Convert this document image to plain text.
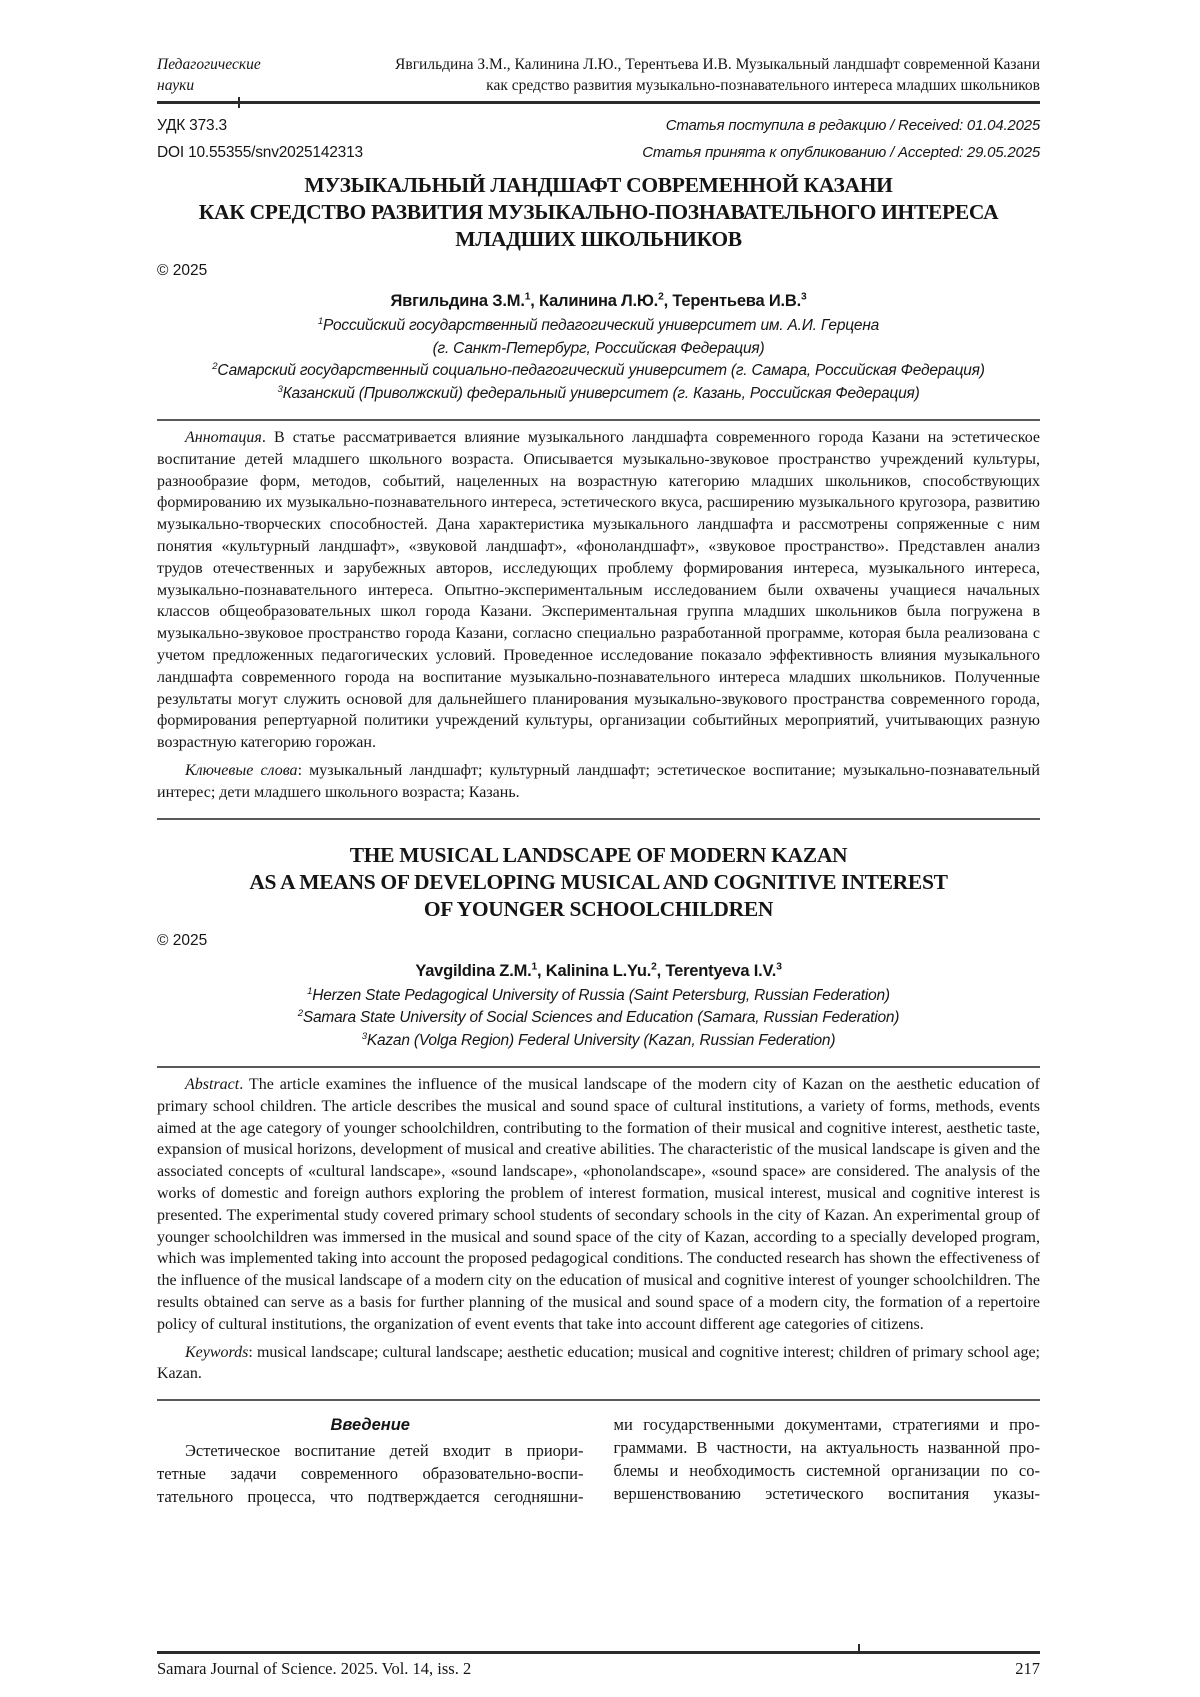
Педагогические
науки
Явгильдина З.М., Калинина Л.Ю., Терентьева И.В. Музыкальный ландшафт современной Казани
как средство развития музыкально-познавательного интереса младших школьников
УДК 373.3	Статья поступила в редакцию / Received: 01.04.2025
DOI 10.55355/snv2025142313	Статья принята к опубликованию / Accepted: 29.05.2025
МУЗЫКАЛЬНЫЙ ЛАНДШАФТ СОВРЕМЕННОЙ КАЗАНИ
КАК СРЕДСТВО РАЗВИТИЯ МУЗЫКАЛЬНО-ПОЗНАВАТЕЛЬНОГО ИНТЕРЕСА
МЛАДШИХ ШКОЛЬНИКОВ
© 2025
Явгильдина З.М.$^1$, Калинина Л.Ю.$^2$, Терентьева И.В.$^3$
$^1$Российский государственный педагогический университет им. А.И. Герцена
(г. Санкт-Петербург, Российская Федерация)
$^2$Самарский государственный социально-педагогический университет (г. Самара, Российская Федерация)
$^3$Казанский (Приволжский) федеральный университет (г. Казань, Российская Федерация)

Аннотация. В статье рассматривается влияние музыкального ландшафта современного города Казани на эстетическое воспитание детей младшего школьного возраста. Описывается музыкально-звуковое пространство учреждений культуры, разнообразие форм, методов, событий, нацеленных на возрастную категорию младших школьников, способствующих формированию их музыкально-познавательного интереса, эстетического вкуса, расширению музыкального кругозора, развитию музыкально-творческих способностей. Дана характеристика музыкального ландшафта и рассмотрены сопряженные с ним понятия «культурный ландшафт», «звуковой ландшафт», «фоноландшафт», «звуковое пространство». Представлен анализ трудов отечественных и зарубежных авторов, исследующих проблему формирования интереса, музыкального интереса, музыкально-познавательного интереса. Опытно-экспериментальным исследованием были охвачены учащиеся начальных классов общеобразовательных школ города Казани. Экспериментальная группа младших школьников была погружена в музыкально-звуковое пространство города Казани, согласно специально разработанной программе, которая была реализована с учетом предложенных педагогических условий. Проведенное исследование показало эффективность влияния музыкального ландшафта современного города на воспитание музыкально-познавательного интереса младших школьников. Полученные результаты могут служить основой для дальнейшего планирования музыкально-звукового пространства современного города, формирования репертуарной политики учреждений культуры, организации событийных мероприятий, учитывающих разную возрастную категорию горожан.

Ключевые слова: музыкальный ландшафт; культурный ландшафт; эстетическое воспитание; музыкально-познавательный интерес; дети младшего школьного возраста; Казань.

THE MUSICAL LANDSCAPE OF MODERN KAZAN
AS A MEANS OF DEVELOPING MUSICAL AND COGNITIVE INTEREST
OF YOUNGER SCHOOLCHILDREN
© 2025
Yavgildina Z.M.$^1$, Kalinina L.Yu.$^2$, Terentyeva I.V.$^3$
$^1$Herzen State Pedagogical University of Russia (Saint Petersburg, Russian Federation)
$^2$Samara State University of Social Sciences and Education (Samara, Russian Federation)
$^3$Kazan (Volga Region) Federal University (Kazan, Russian Federation)

Abstract. The article examines the influence of the musical landscape of the modern city of Kazan on the aesthetic education of primary school children. The article describes the musical and sound space of cultural institutions, a variety of forms, methods, events aimed at the age category of younger schoolchildren, contributing to the formation of their musical and cognitive interest, aesthetic taste, expansion of musical horizons, development of musical and creative abilities. The characteristic of the musical landscape is given and the associated concepts of «cultural landscape», «sound landscape», «phonolandscape», «sound space» are considered. The analysis of the works of domestic and foreign authors exploring the problem of interest formation, musical interest, musical and cognitive interest is presented. The experimental study covered primary school students of secondary schools in the city of Kazan. An experimental group of younger schoolchildren was immersed in the musical and sound space of the city of Kazan, according to a specially developed program, which was implemented taking into account the proposed pedagogical conditions. The conducted research has shown the effectiveness of the influence of the musical landscape of a modern city on the education of musical and cognitive interest of younger schoolchildren. The results obtained can serve as a basis for further planning of the musical and sound space of a modern city, the formation of a repertoire policy of cultural institutions, the organization of event events that take into account different age categories of citizens.

Keywords: musical landscape; cultural landscape; aesthetic education; musical and cognitive interest; children of primary school age; Kazan.

Введение
Эстетическое воспитание детей входит в приори-
тетные задачи современного образовательно-воспи-
тательного процесса, что подтверждается сегодняшни-
ми государственными документами, стратегиями и про-
граммами. В частности, на актуальность названной про-
блемы и необходимость системной организации по со-
вершенствованию эстетического воспитания указы-
Samara Journal of Science. 2025. Vol. 14, iss. 2	217
